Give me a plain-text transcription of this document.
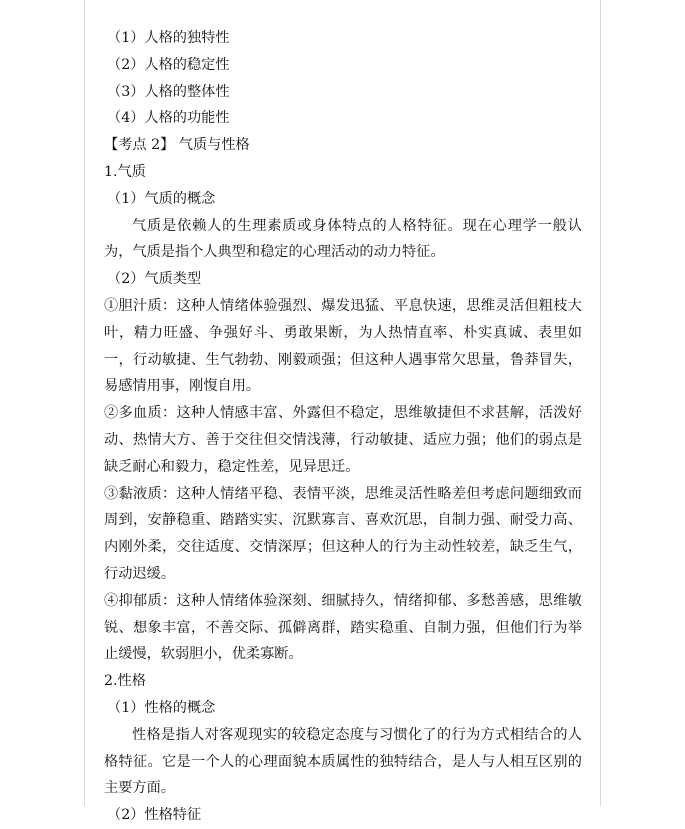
（1）人格的独特性

（2）人格的稳定性

（3）人格的整体性

（4）人格的功能性

【考点 2】 气质与性格

1.气质

（1）气质的概念

气质是依赖人的生理素质或身体特点的人格特征。现在心理学一般认为，气质是指个人典型和稳定的心理活动的动力特征。

（2）气质类型

①胆汁质：这种人情绪体验强烈、爆发迅猛、平息快速，思维灵活但粗枝大叶，精力旺盛、争强好斗、勇敢果断，为人热情直率、朴实真诚、表里如一，行动敏捷、生气勃勃、刚毅顽强；但这种人遇事常欠思量，鲁莽冒失，易感情用事，刚愎自用。

②多血质：这种人情感丰富、外露但不稳定，思维敏捷但不求甚解，活泼好动、热情大方、善于交往但交情浅薄，行动敏捷、适应力强；他们的弱点是缺乏耐心和毅力，稳定性差，见异思迁。

③黏液质：这种人情绪平稳、表情平淡，思维灵活性略差但考虑问题细致而周到，安静稳重、踏踏实实、沉默寡言、喜欢沉思，自制力强、耐受力高、内刚外柔，交往适度、交情深厚；但这种人的行为主动性较差，缺乏生气，行动迟缓。

④抑郁质：这种人情绪体验深刻、细腻持久，情绪抑郁、多愁善感，思维敏锐、想象丰富，不善交际、孤僻离群，踏实稳重、自制力强，但他们行为举止缓慢，软弱胆小，优柔寡断。

2.性格

（1）性格的概念

性格是指人对客观现实的较稳定态度与习惯化了的行为方式相结合的人格特征。它是一个人的心理面貌本质属性的独特结合，是人与人相互区别的主要方面。

（2）性格特征
